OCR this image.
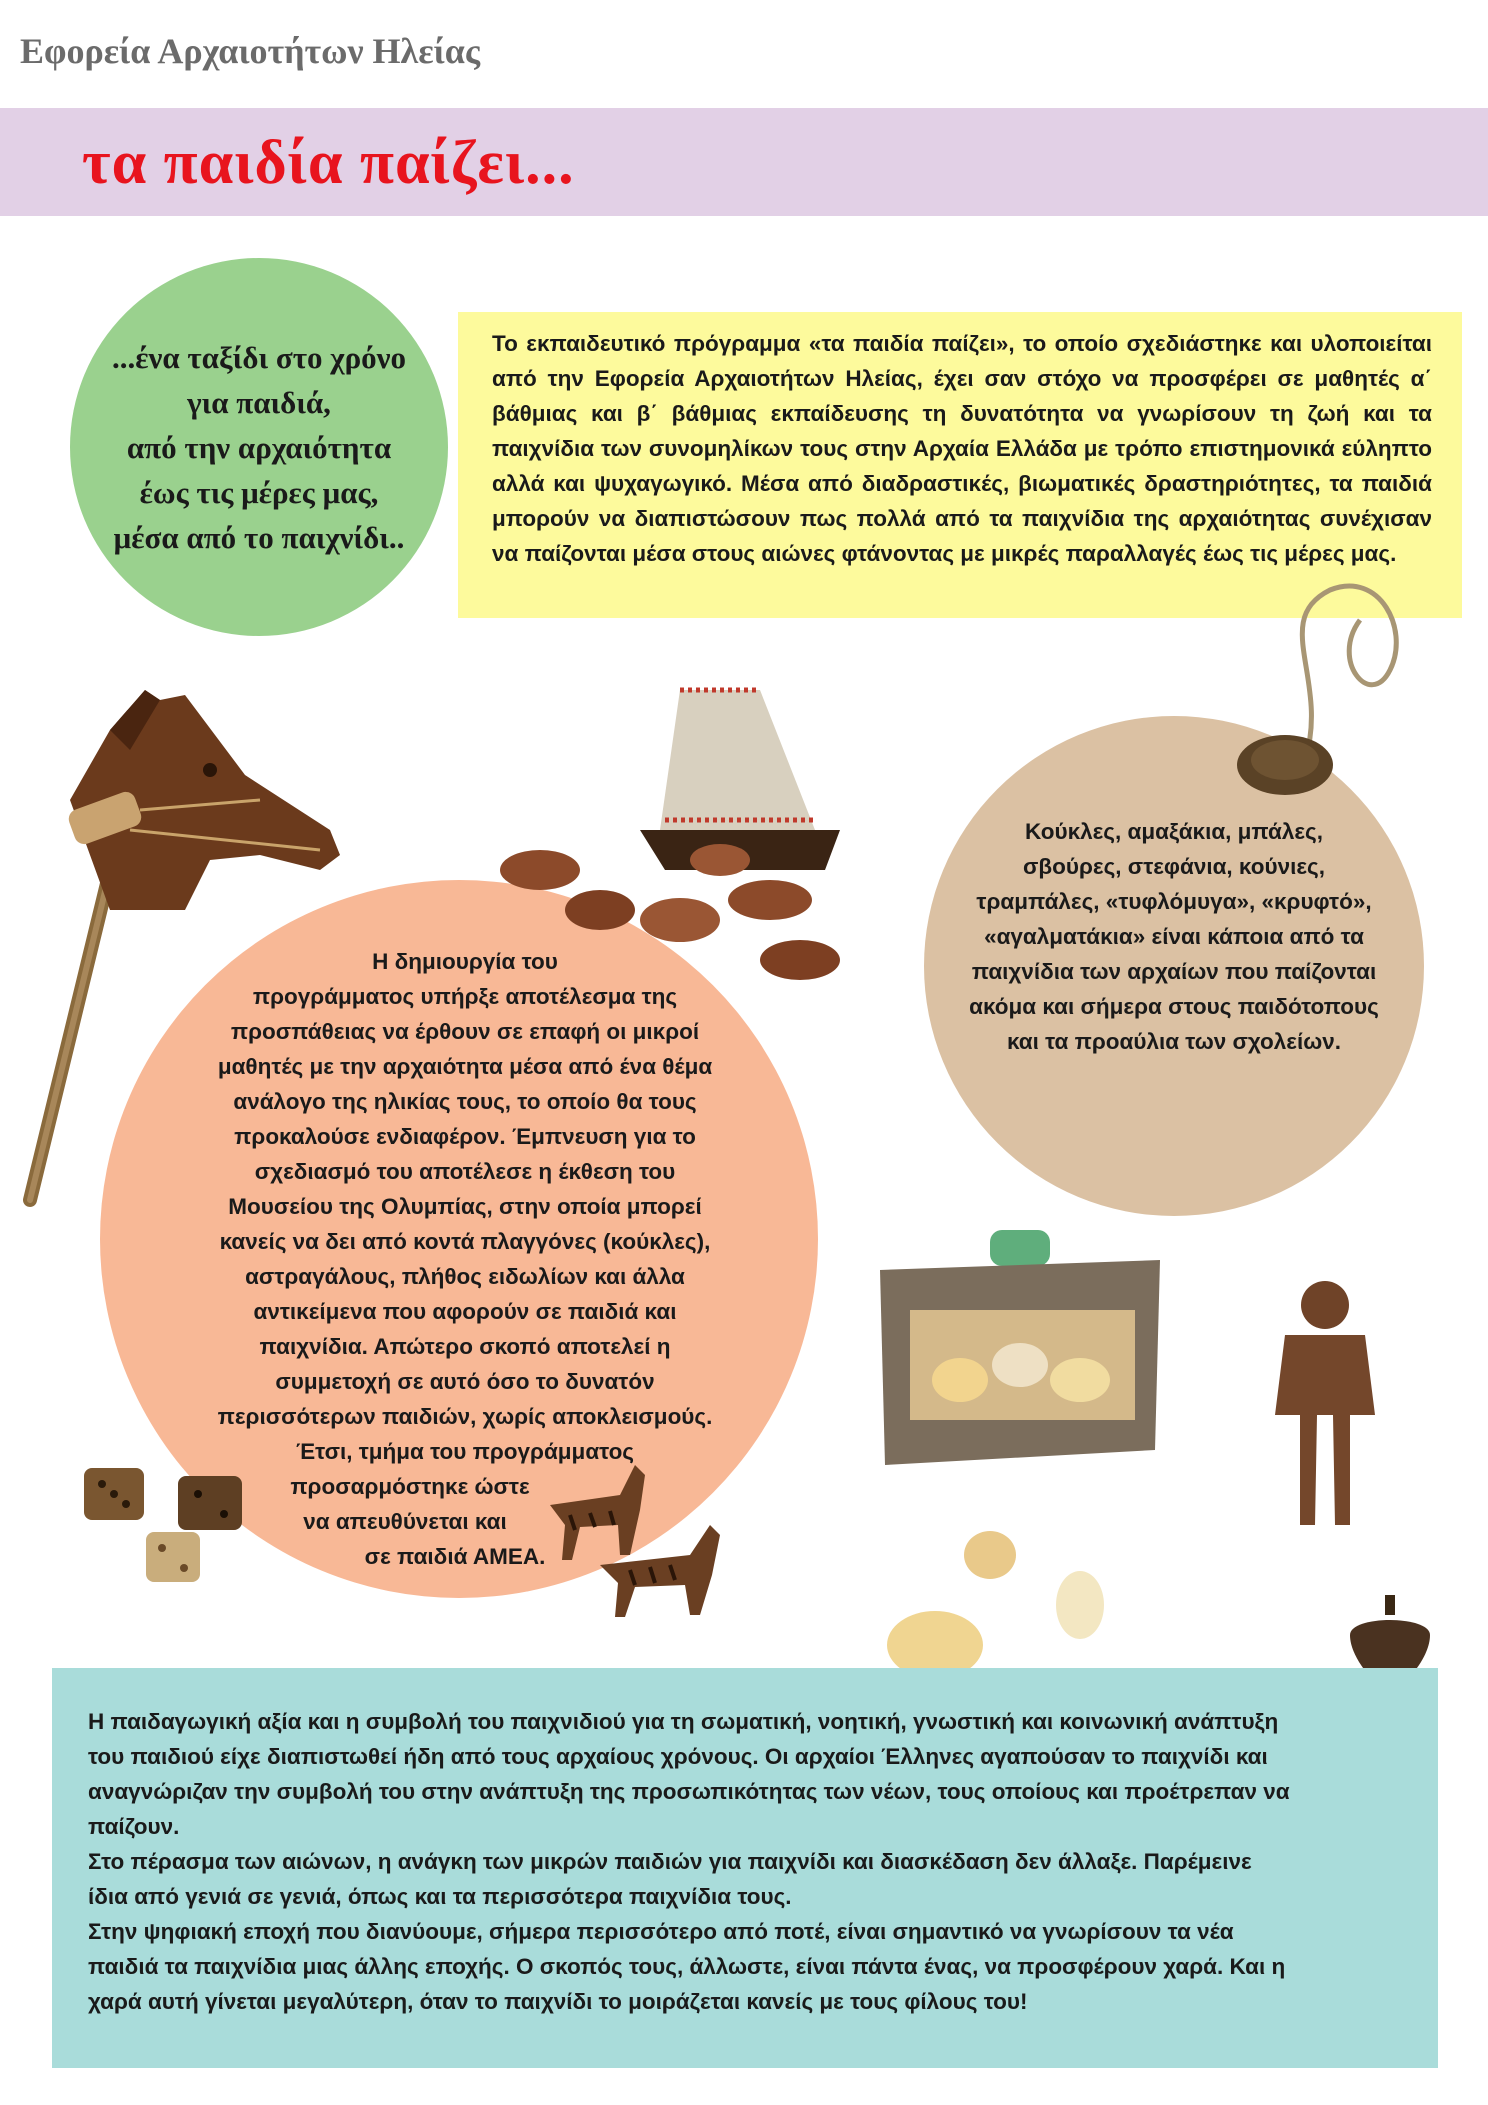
Εφορεία Αρχαιοτήτων Ηλείας
τα παιδία παίζει...
...ένα ταξίδι στο χρόνο
για παιδιά,
από την αρχαιότητα
έως τις μέρες μας,
μέσα από το παιχνίδι..

Το εκπαιδευτικό πρόγραμμα «τα παιδία παίζει», το οποίο σχεδιάστηκε και υλοποιείται από την Εφορεία Αρχαιοτήτων Ηλείας, έχει σαν στόχο να προσφέρει σε μαθητές α΄ βάθμιας και β΄ βάθμιας εκπαίδευσης τη δυνατότητα να γνωρίσουν τη ζωή και τα παιχνίδια των συνομηλίκων τους στην Αρχαία Ελλάδα με τρόπο επιστημονικά εύληπτο αλλά και ψυχαγωγικό. Μέσα από διαδραστικές, βιωματικές δραστηριότητες, τα παιδιά μπορούν να διαπιστώσουν πως πολλά από τα παιχνίδια της αρχαιότητας συνέχισαν να παίζονται μέσα στους αιώνες φτάνοντας με μικρές παραλλαγές έως τις μέρες μας.

Κούκλες, αμαξάκια, μπάλες,
σβούρες, στεφάνια, κούνιες,
τραμπάλες, «τυφλόμυγα», «κρυφτό»,
«αγαλματάκια» είναι κάποια από τα
παιχνίδια των αρχαίων που παίζονται
ακόμα και σήμερα στους παιδότοπους
και τα προαύλια των σχολείων.
Η δημιουργία του
προγράμματος υπήρξε αποτέλεσμα της
προσπάθειας να έρθουν σε επαφή οι μικροί
μαθητές με την αρχαιότητα μέσα από ένα θέμα
ανάλογο της ηλικίας τους, το οποίο θα τους
προκαλούσε ενδιαφέρον. Έμπνευση για το
σχεδιασμό του αποτέλεσε η έκθεση του
Μουσείου της Ολυμπίας, στην οποία μπορεί
κανείς να δει από κοντά πλαγγόνες (κούκλες),
αστραγάλους, πλήθος ειδωλίων και άλλα
αντικείμενα που αφορούν σε παιδιά και
παιχνίδια. Απώτερο σκοπό αποτελεί η
συμμετοχή σε αυτό όσο το δυνατόν
περισσότερων παιδιών, χωρίς αποκλεισμούς.
Έτσι, τμήμα του προγράμματος
προσαρμόστηκε ώστε
να απευθύνεται και
σε παιδιά ΑΜΕΑ.
Η παιδαγωγική αξία και η συμβολή του παιχνιδιού για τη σωματική, νοητική, γνωστική και κοινωνική ανάπτυξη
του παιδιού είχε διαπιστωθεί ήδη από τους αρχαίους χρόνους. Οι αρχαίοι Έλληνες αγαπούσαν το παιχνίδι και
αναγνώριζαν την συμβολή του στην ανάπτυξη της προσωπικότητας των νέων, τους οποίους και προέτρεπαν να
παίζουν.
Στο πέρασμα των αιώνων, η ανάγκη των μικρών παιδιών για παιχνίδι και διασκέδαση δεν άλλαξε. Παρέμεινε
ίδια από γενιά σε γενιά, όπως και τα περισσότερα παιχνίδια τους.
Στην ψηφιακή εποχή που διανύουμε, σήμερα περισσότερο από ποτέ, είναι σημαντικό να γνωρίσουν τα νέα
παιδιά τα παιχνίδια μιας άλλης εποχής. Ο σκοπός τους, άλλωστε, είναι πάντα ένας, να προσφέρουν χαρά. Και η
χαρά αυτή γίνεται μεγαλύτερη, όταν το παιχνίδι το μοιράζεται κανείς με τους φίλους του!
